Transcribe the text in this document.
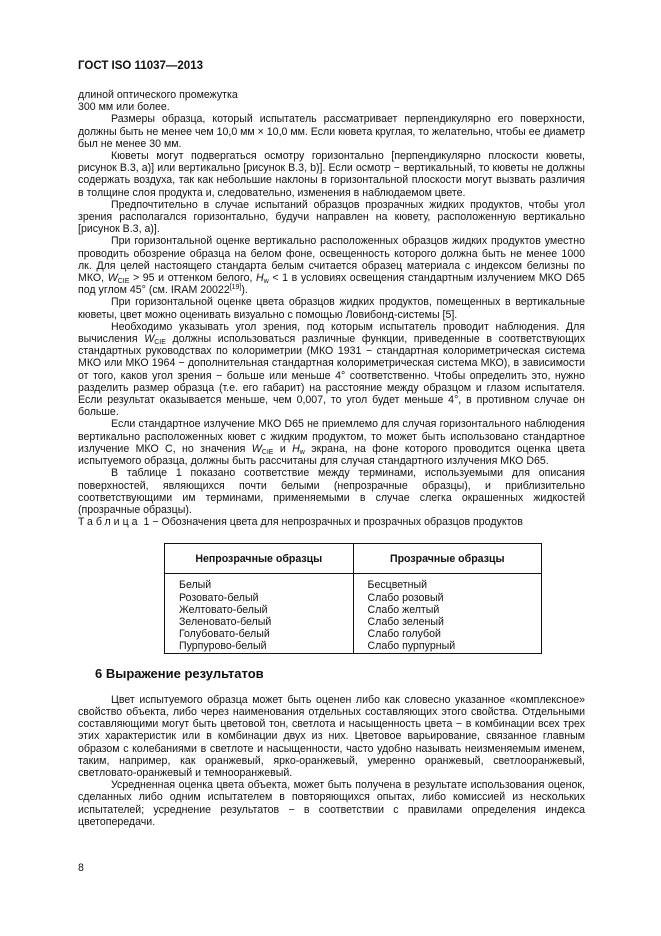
ГОСТ ISO 11037—2013

длиной оптического промежутка

300 мм или более.

Размеры образца, который испытатель рассматривает перпендикулярно его поверхности, должны быть не менее чем 10,0 мм × 10,0 мм. Если кювета круглая, то желательно, чтобы ее диаметр был не менее 30 мм.

Кюветы могут подвергаться осмотру горизонтально [перпендикулярно плоскости кюветы, рисунок В.3, а)] или вертикально [рисунок В.3, b)]. Если осмотр − вертикальный, то кюветы не должны содержать воздуха, так как небольшие наклоны в горизонтальной плоскости могут вызвать различия в толщине слоя продукта и, следовательно, изменения в наблюдаемом цвете.

Предпочтительно в случае испытаний образцов прозрачных жидких продуктов, чтобы угол зрения располагался горизонтально, будучи направлен на кювету, расположенную вертикально [рисунок В.3, а)].

При горизонтальной оценке вертикально расположенных образцов жидких продуктов уместно проводить обозрение образца на белом фоне, освещенность которого должна быть не менее 1000 лк. Для целей настоящего стандарта белым считается образец материала с индексом белизны по МКО, $W_{CIE} > 95$ и оттенком белого, $H_w < 1$ в условиях освещения стандартным излучением МКО D65 под углом 45° (см. IRAM 20022[19]).

При горизонтальной оценке цвета образцов жидких продуктов, помещенных в вертикальные кюветы, цвет можно оценивать визуально с помощью Ловибонд-системы [5].

Необходимо указывать угол зрения, под которым испытатель проводит наблюдения. Для вычисления $W_{CIE}$ должны использоваться различные функции, приведенные в соответствующих стандартных руководствах по колориметрии (МКО 1931 − стандартная колориметрическая система МКО или МКО 1964 − дополнительная стандартная колориметрическая система МКО), в зависимости от того, каков угол зрения − больше или меньше 4° соответственно. Чтобы определить это, нужно разделить размер образца (т.е. его габарит) на расстояние между образцом и глазом испытателя. Если результат оказывается меньше, чем 0,007, то угол будет меньше 4°, в противном случае он больше.

Если стандартное излучение МКО D65 не приемлемо для случая горизонтального наблюдения вертикально расположенных кювет с жидким продуктом, то может быть использовано стандартное излучение МКО С, но значения $W_{CIE}$ и $H_w$ экрана, на фоне которого проводится оценка цвета испытуемого образца, должны быть рассчитаны для случая стандартного излучения МКО D65.

В таблице 1 показано соответствие между терминами, используемыми для описания поверхностей, являющихся почти белыми (непрозрачные образцы), и приблизительно соответствующими им терминами, применяемыми в случае слегка окрашенных жидкостей (прозрачные образцы).

Таблица 1 − Обозначения цвета для непрозрачных и прозрачных образцов продуктов

Непрозрачные образцы	Прозрачные образцы
Белый	Бесцветный
Розовато-белый	Слабо розовый
Желтовато-белый	Слабо желтый
Зеленовато-белый	Слабо зеленый
Голубовато-белый	Слабо голубой
Пурпурово-белый	Слабо пурпурный
6 Выражение результатов

Цвет испытуемого образца может быть оценен либо как словесно указанное «комплексное» свойство объекта, либо через наименования отдельных составляющих этого свойства. Отдельными составляющими могут быть цветовой тон, светлота и насыщенность цвета − в комбинации всех трех этих характеристик или в комбинации двух из них. Цветовое варьирование, связанное главным образом с колебаниями в светлоте и насыщенности, часто удобно называть неизменяемым именем, таким, например, как оранжевый, ярко-оранжевый, умеренно оранжевый, светлооранжевый, светловато-оранжевый и темнооранжевый.

Усредненная оценка цвета объекта, может быть получена в результате использования оценок, сделанных либо одним испытателем в повторяющихся опытах, либо комиссией из нескольких испытателей; усреднение результатов − в соответствии с правилами определения индекса цветопередачи.

8
